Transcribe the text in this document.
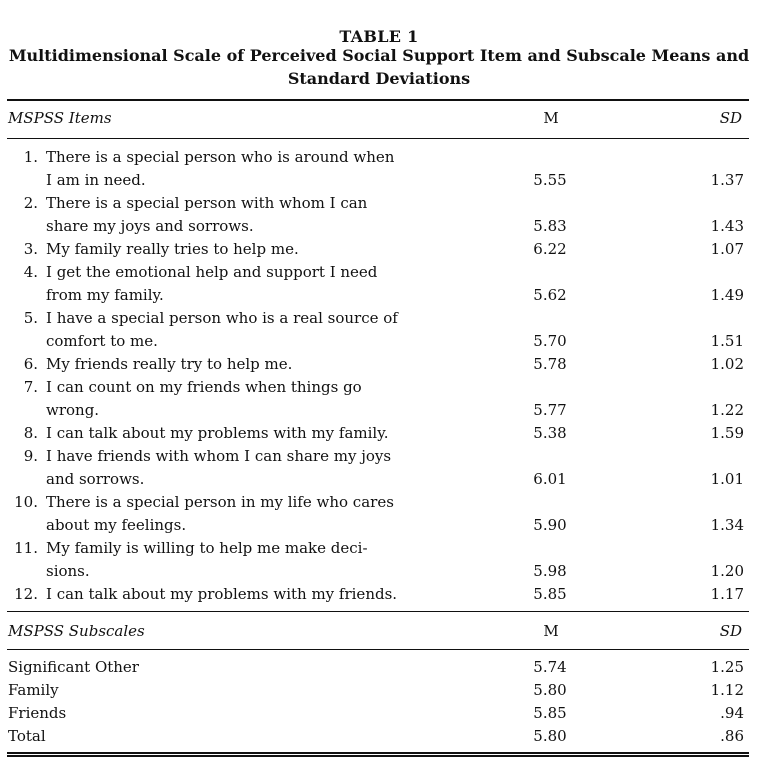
TABLE 1
Multidimensional Scale of Perceived Social Support Item and Subscale Means and
Standard Deviations
MSPSS Items	M	SD
1. There is a special person who is around when
I am in need.	5.55	1.37
2. There is a special person with whom I can
share my joys and sorrows.	5.83	1.43
3. My family really tries to help me.	6.22	1.07
4. I get the emotional help and support I need
from my family.	5.62	1.49
5. I have a special person who is a real source of
comfort to me.	5.70	1.51
6. My friends really try to help me.	5.78	1.02
7. I can count on my friends when things go
wrong.	5.77	1.22
8. I can talk about my problems with my family.	5.38	1.59
9. I have friends with whom I can share my joys
and sorrows.	6.01	1.01
10. There is a special person in my life who cares
about my feelings.	5.90	1.34
11. My family is willing to help me make deci-
sions.	5.98	1.20
12. I can talk about my problems with my friends.	5.85	1.17
MSPSS Subscales	M	SD
Significant Other	5.74	1.25
Family	5.80	1.12
Friends	5.85	.94
Total	5.80	.86
